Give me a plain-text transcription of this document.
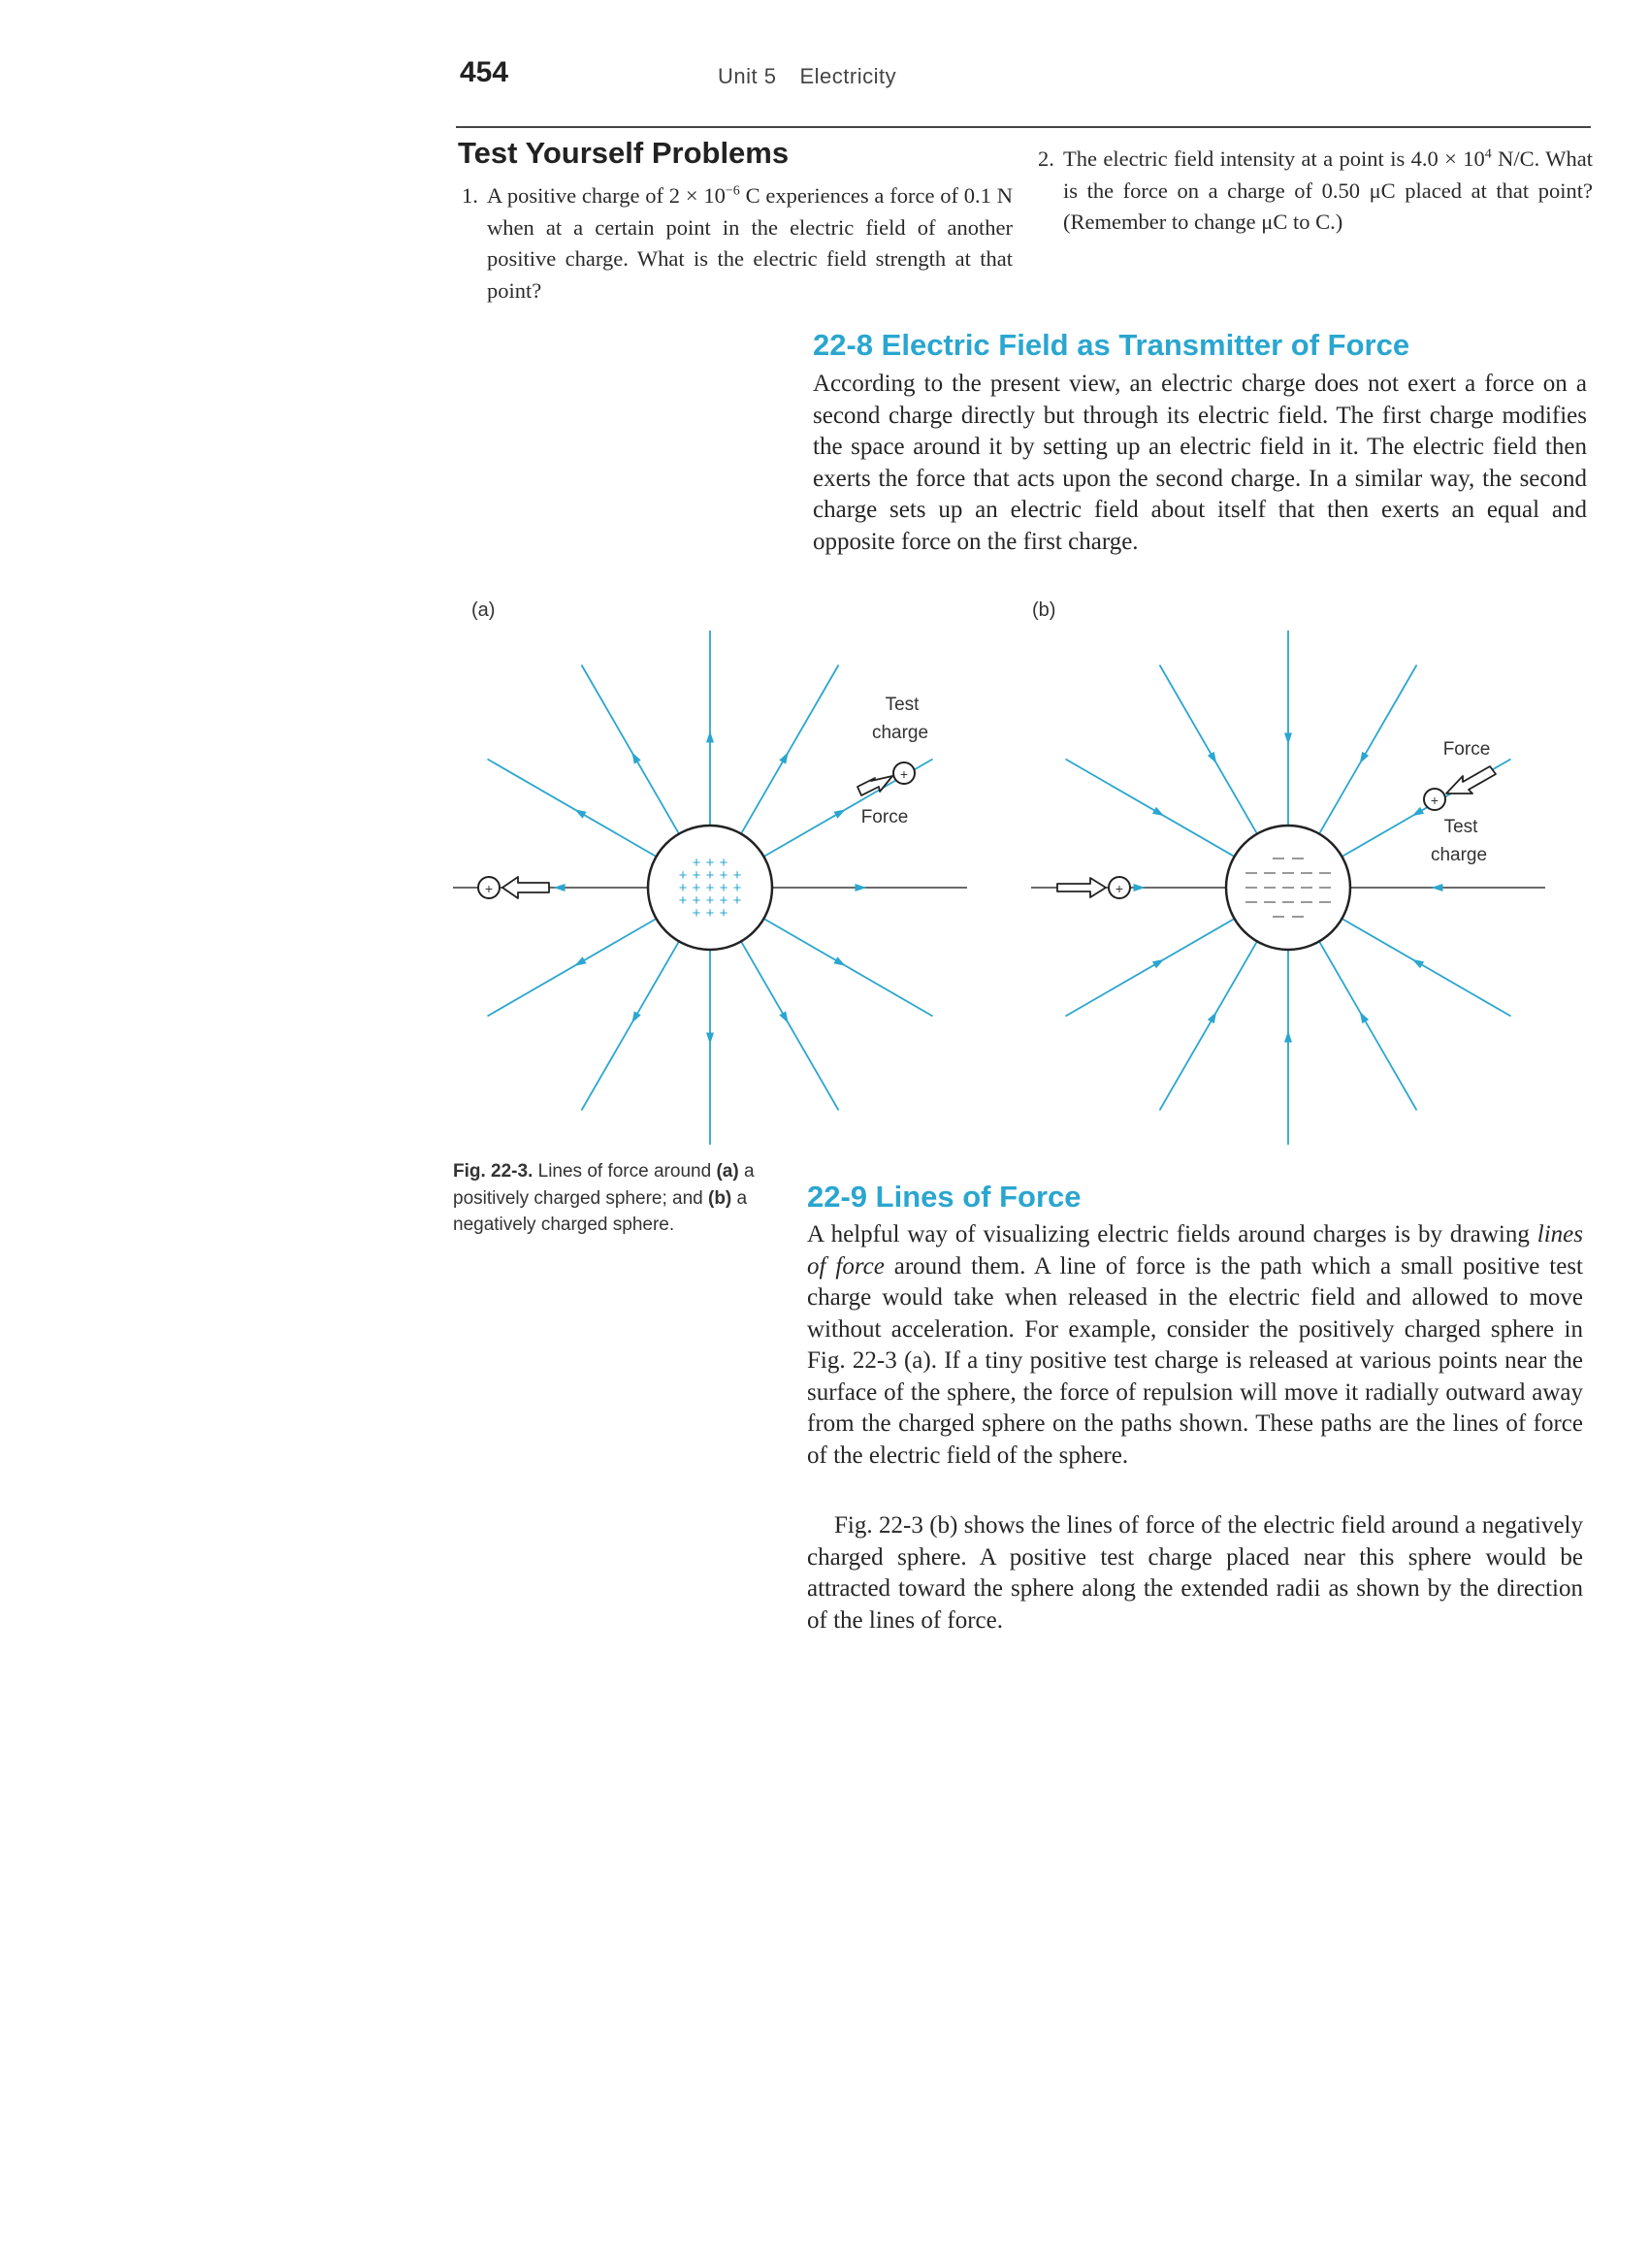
454	Unit 5 Electricity
Test Yourself Problems
1. A positive charge of $2 \times 10^{-6}$ C experiences a force of 0.1 N when at a certain point in the electric field of another positive charge. What is the electric field strength at that point?
2. The electric field intensity at a point is $4.0 \times 10^4$ N/C. What is the force on a charge of 0.50 μC placed at that point? (Remember to change μC to C.)
22-8 Electric Field as Transmitter of Force
According to the present view, an electric charge does not exert a force on a second charge directly but through its electric field. The first charge modifies the space around it by setting up an electric field in it. The electric field then exerts the force that acts upon the second charge. In a similar way, the second charge sets up an electric field about itself that then exerts an equal and opposite force on the first charge.
(a)	(b)
+ + +
+ + + + +
+ + + + +
+ + + + +
+ + +
Test
charge
+
Force
+
Force
+
Test
charge
+
Fig. 22-3. Lines of force around (a) a positively charged sphere; and (b) a negatively charged sphere.
22-9 Lines of Force
A helpful way of visualizing electric fields around charges is by drawing lines of force around them. A line of force is the path which a small positive test charge would take when released in the electric field and allowed to move without acceleration. For example, consider the positively charged sphere in Fig. 22-3 (a). If a tiny positive test charge is released at various points near the surface of the sphere, the force of repulsion will move it radially outward away from the charged sphere on the paths shown. These paths are the lines of force of the electric field of the sphere.
Fig. 22-3 (b) shows the lines of force of the electric field around a negatively charged sphere. A positive test charge placed near this sphere would be attracted toward the sphere along the extended radii as shown by the direction of the lines of force.
